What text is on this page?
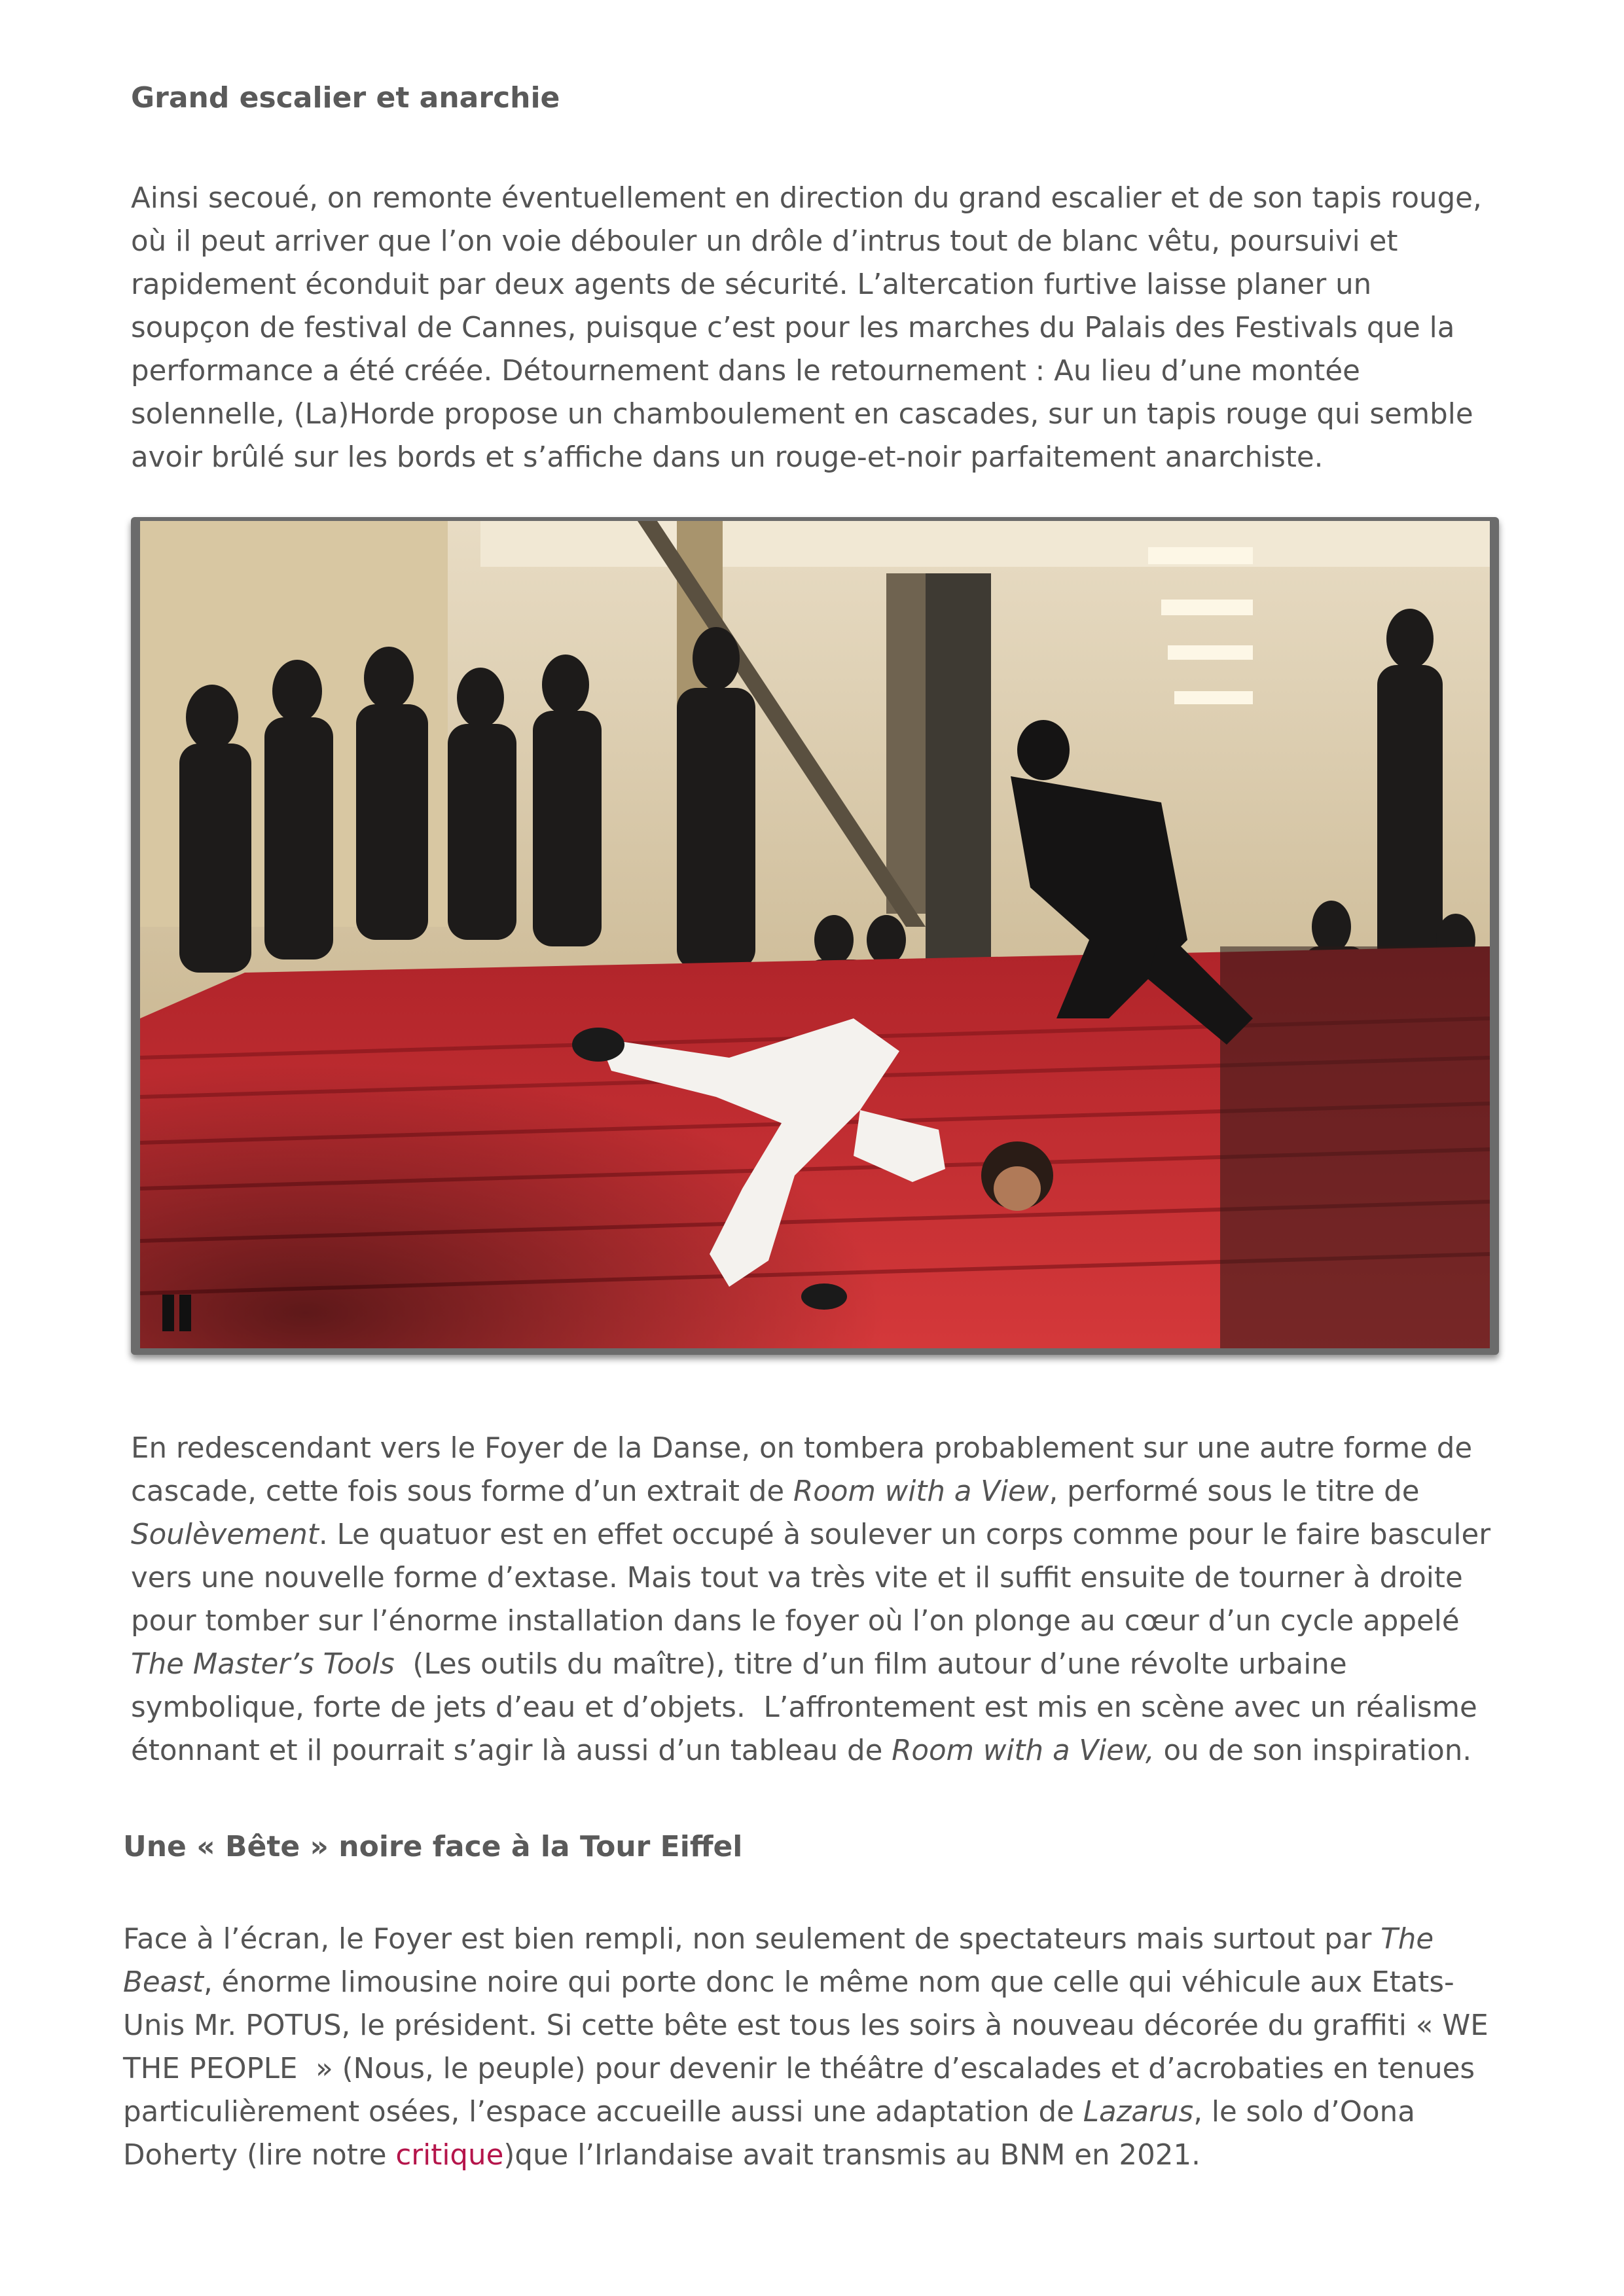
Grand escalier et anarchie
Ainsi secoué, on remonte éventuellement en direction du grand escalier et de son tapis rouge,
où il peut arriver que l’on voie débouler un drôle d’intrus tout de blanc vêtu, poursuivi et
rapidement éconduit par deux agents de sécurité. L’altercation furtive laisse planer un
soupçon de festival de Cannes, puisque c’est pour les marches du Palais des Festivals que la
performance a été créée. Détournement dans le retournement : Au lieu d’une montée
solennelle, (La)Horde propose un chamboulement en cascades, sur un tapis rouge qui semble
avoir brûlé sur les bords et s’affiche dans un rouge-et-noir parfaitement anarchiste.
En redescendant vers le Foyer de la Danse, on tombera probablement sur une autre forme de
cascade, cette fois sous forme d’un extrait de Room with a View, performé sous le titre de
Soulèvement. Le quatuor est en effet occupé à soulever un corps comme pour le faire basculer
vers une nouvelle forme d’extase. Mais tout va très vite et il suffit ensuite de tourner à droite
pour tomber sur l’énorme installation dans le foyer où l’on plonge au cœur d’un cycle appelé
The Master’s Tools  (Les outils du maître), titre d’un film autour d’une révolte urbaine
symbolique, forte de jets d’eau et d’objets.  L’affrontement est mis en scène avec un réalisme
étonnant et il pourrait s’agir là aussi d’un tableau de Room with a View, ou de son inspiration.
Une « Bête » noire face à la Tour Eiffel
Face à l’écran, le Foyer est bien rempli, non seulement de spectateurs mais surtout par The
Beast, énorme limousine noire qui porte donc le même nom que celle qui véhicule aux Etats-
Unis Mr. POTUS, le président. Si cette bête est tous les soirs à nouveau décorée du graffiti « WE
THE PEOPLE  » (Nous, le peuple) pour devenir le théâtre d’escalades et d’acrobaties en tenues
particulièrement osées, l’espace accueille aussi une adaptation de Lazarus, le solo d’Oona
Doherty (lire notre critique)que l’Irlandaise avait transmis au BNM en 2021.
